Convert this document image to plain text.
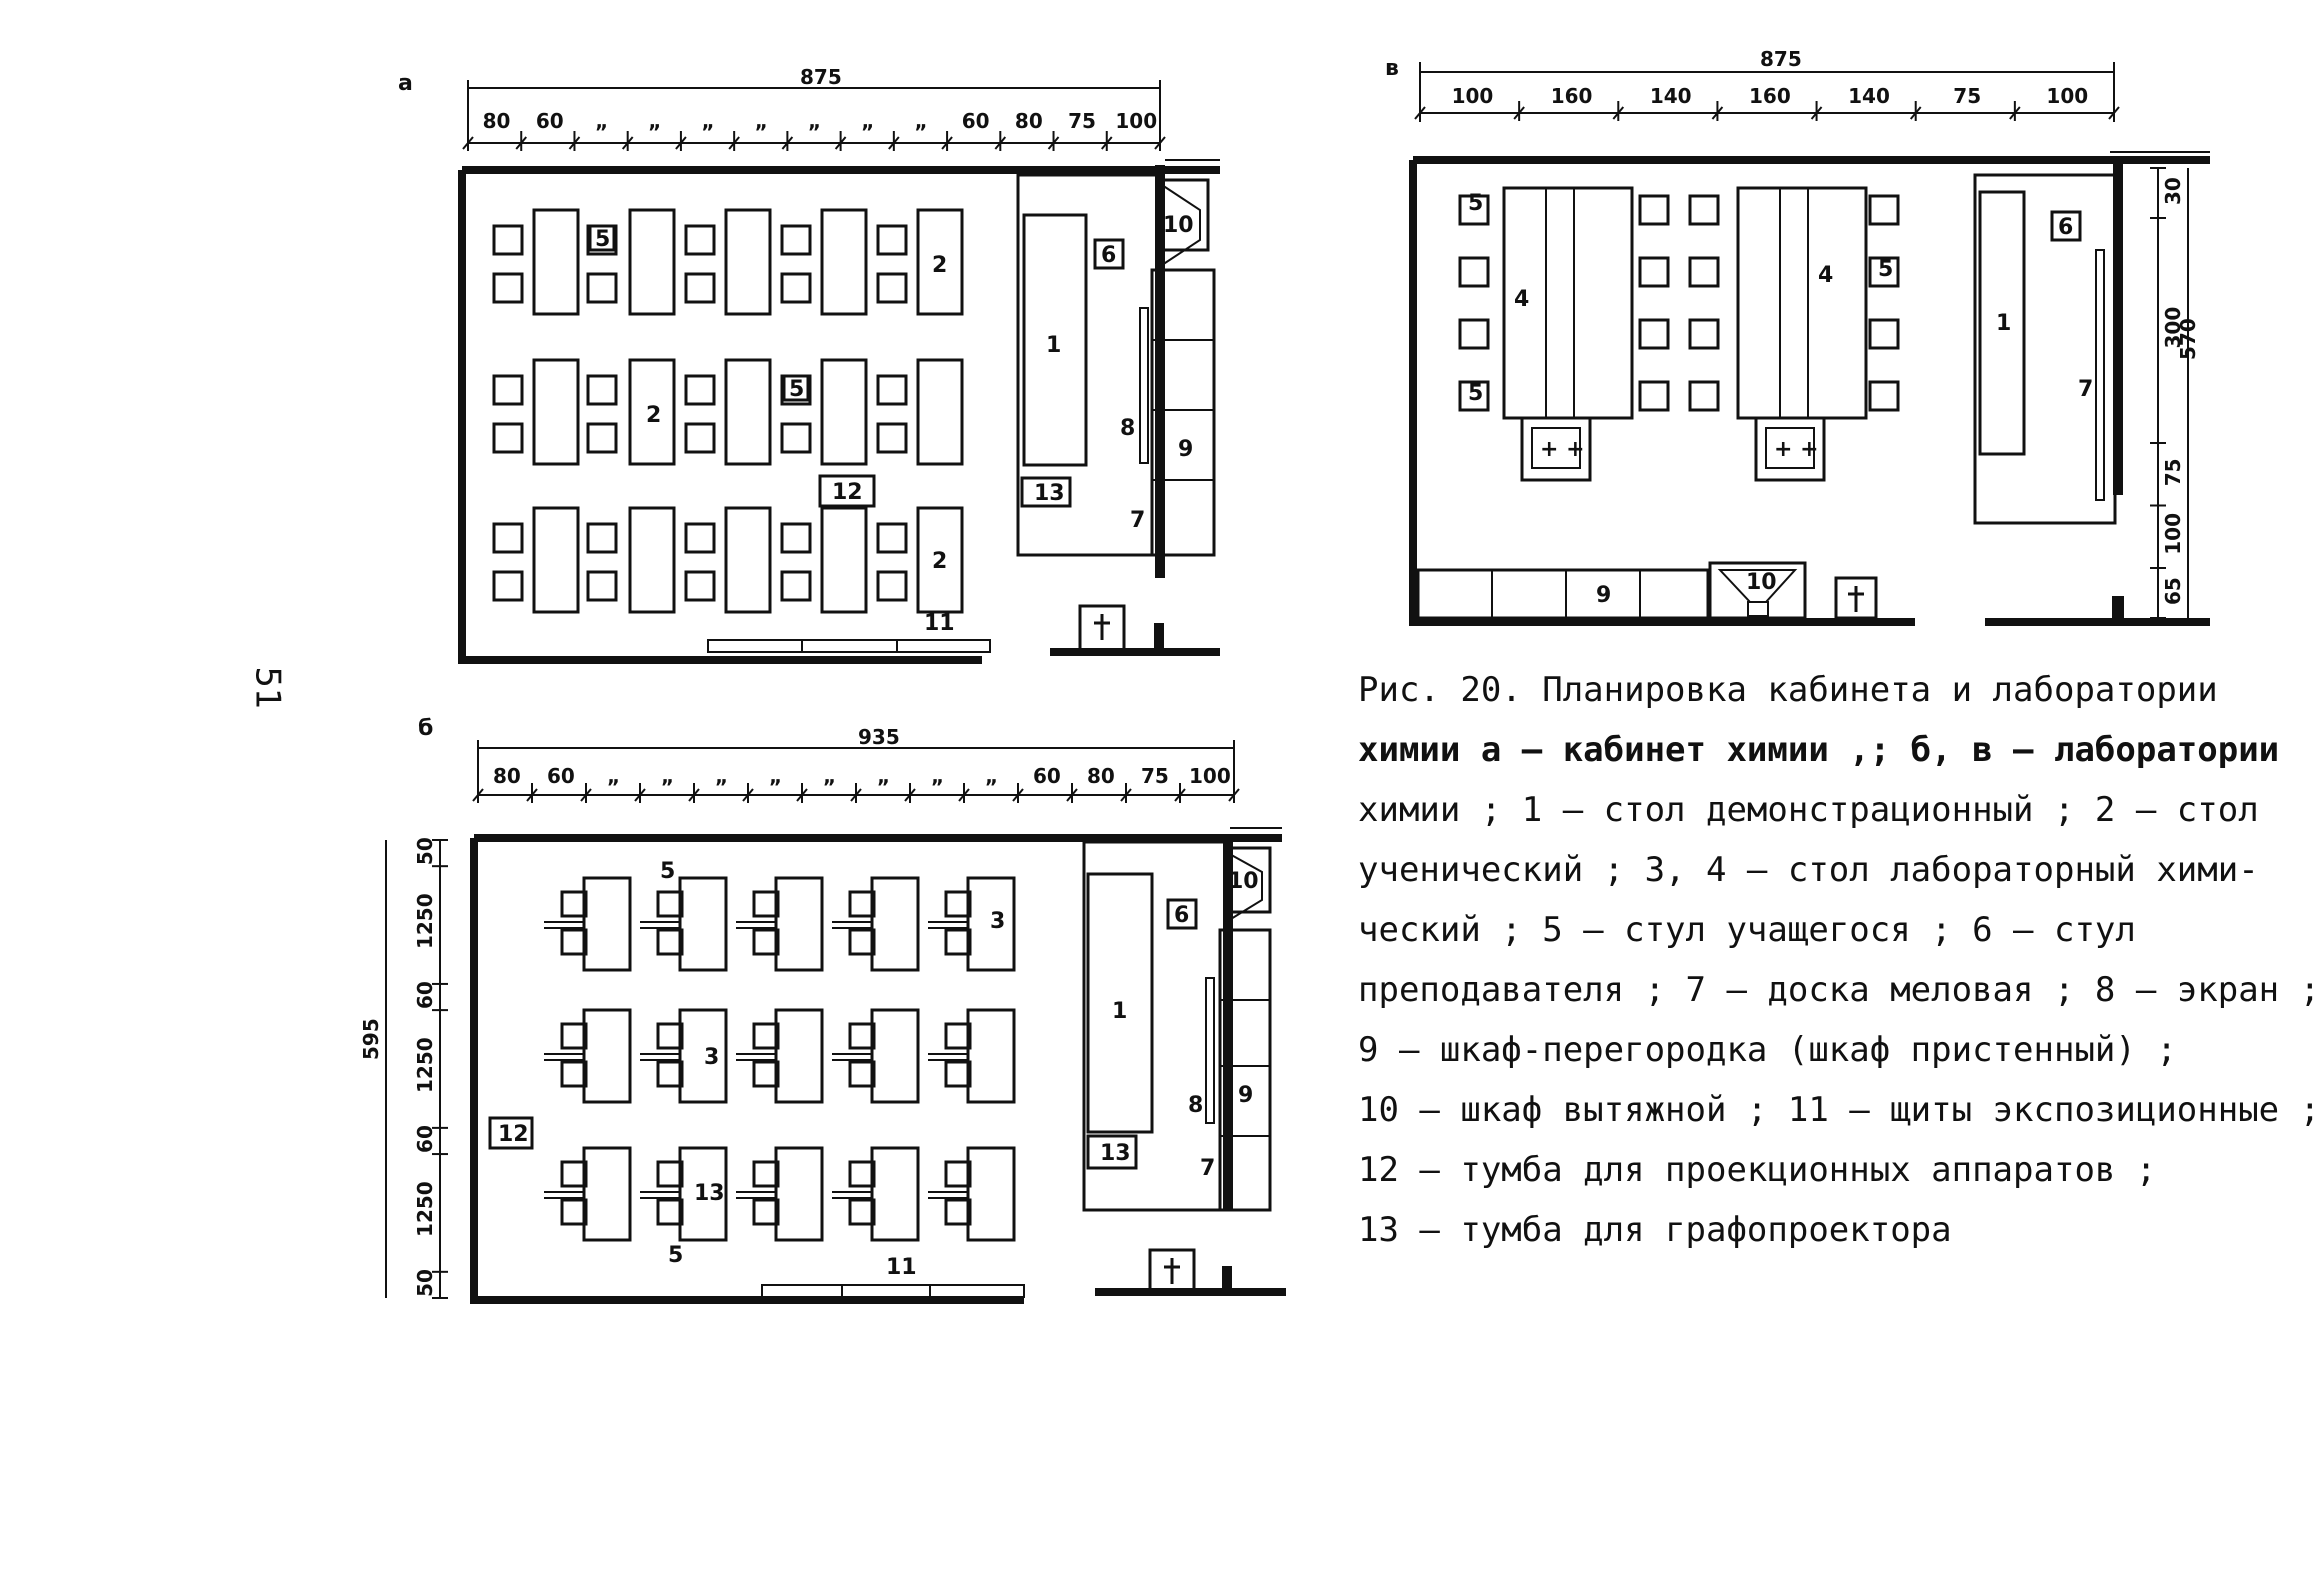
а	875
80 60 „ „ „ „ „ „ „ 60 80 75 100
1
13
6
8
7
9
10
11
12
2
2
2
5
5
в	875
100	160	140	160	140	75	100
9
10
1
6
7
4
+ +
4
+ +
5
5
5
570
30
300
75
100
65
б	935
80 60 „ „ „ „ „ „ „ „ 60 80 75 100
1
13
6
8
7
9
10
11
12
5
5
3
3
13
595
50
1250
60
1250
60
1250
50
51	Рис. 20. Планировка кабинета и лаборатории
химии а – кабинет химии ,; б, в – лаборатории
химии ; 1 – стол демонстрационный ; 2 – стол
ученический ; 3, 4 – стол лабораторный хими-
ческий ; 5 – стул учащегося ; 6 – стул
преподавателя ; 7 – доска меловая ; 8 – экран ;
9 – шкаф-перегородка (шкаф пристенный) ;
10 – шкаф вытяжной ; 11 – щиты экспозиционные ;
12 – тумба для проекционных аппаратов ;
13 – тумба для графопроектора
